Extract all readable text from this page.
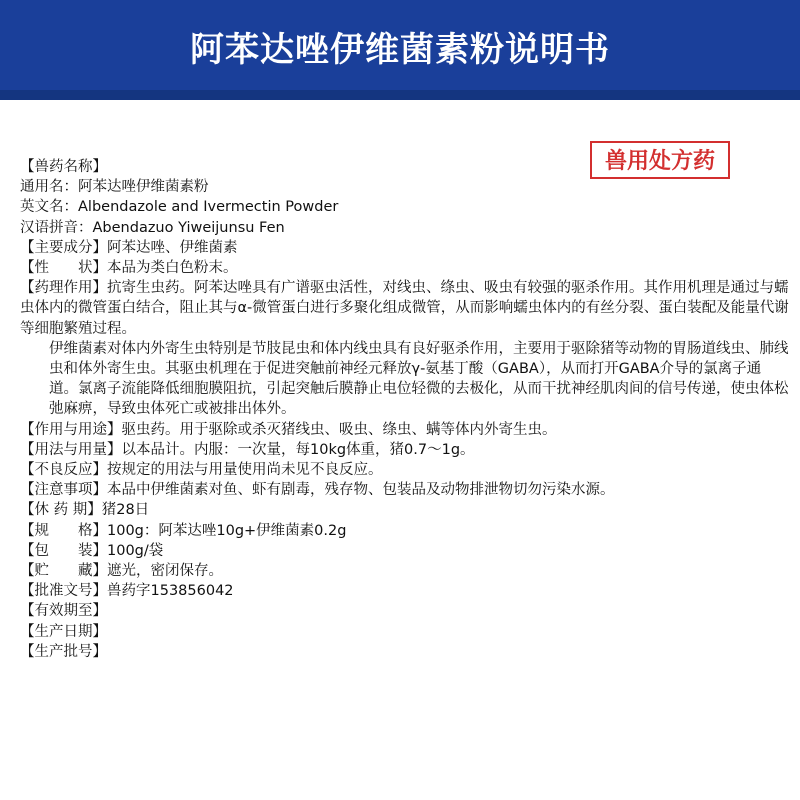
阿苯达唑伊维菌素粉说明书
兽用处方药
【兽药名称】
通用名：阿苯达唑伊维菌素粉
英文名：Albendazole and Ivermectin Powder
汉语拼音：Abendazuo Yiweijunsu Fen
【主要成分】阿苯达唑、伊维菌素
【性　　状】本品为类白色粉末。
【药理作用】抗寄生虫药。阿苯达唑具有广谱驱虫活性，对线虫、绦虫、吸虫有较强的驱杀作用。其作用机理是通过与蠕虫体内的微管蛋白结合，阻止其与α-微管蛋白进行多聚化组成微管，从而影响蠕虫体内的有丝分裂、蛋白装配及能量代谢等细胞繁殖过程。
伊维菌素对体内外寄生虫特别是节肢昆虫和体内线虫具有良好驱杀作用，主要用于驱除猪等动物的胃肠道线虫、肺线虫和体外寄生虫。其驱虫机理在于促进突触前神经元释放γ-氨基丁酸（GABA），从而打开GABA介导的氯离子通道。氯离子流能降低细胞膜阻抗，引起突触后膜静止电位轻微的去极化，从而干扰神经肌肉间的信号传递，使虫体松弛麻痹，导致虫体死亡或被排出体外。
【作用与用途】驱虫药。用于驱除或杀灭猪线虫、吸虫、绦虫、螨等体内外寄生虫。
【用法与用量】以本品计。内服：一次量，每10kg体重，猪0.7～1g。
【不良反应】按规定的用法与用量使用尚未见不良反应。
【注意事项】本品中伊维菌素对鱼、虾有剧毒，残存物、包装品及动物排泄物切勿污染水源。
【休 药 期】猪28日
【规　　格】100g：阿苯达唑10g+伊维菌素0.2g
【包　　装】100g/袋
【贮　　藏】遮光，密闭保存。
【批准文号】兽药字153856042
【有效期至】
【生产日期】
【生产批号】
